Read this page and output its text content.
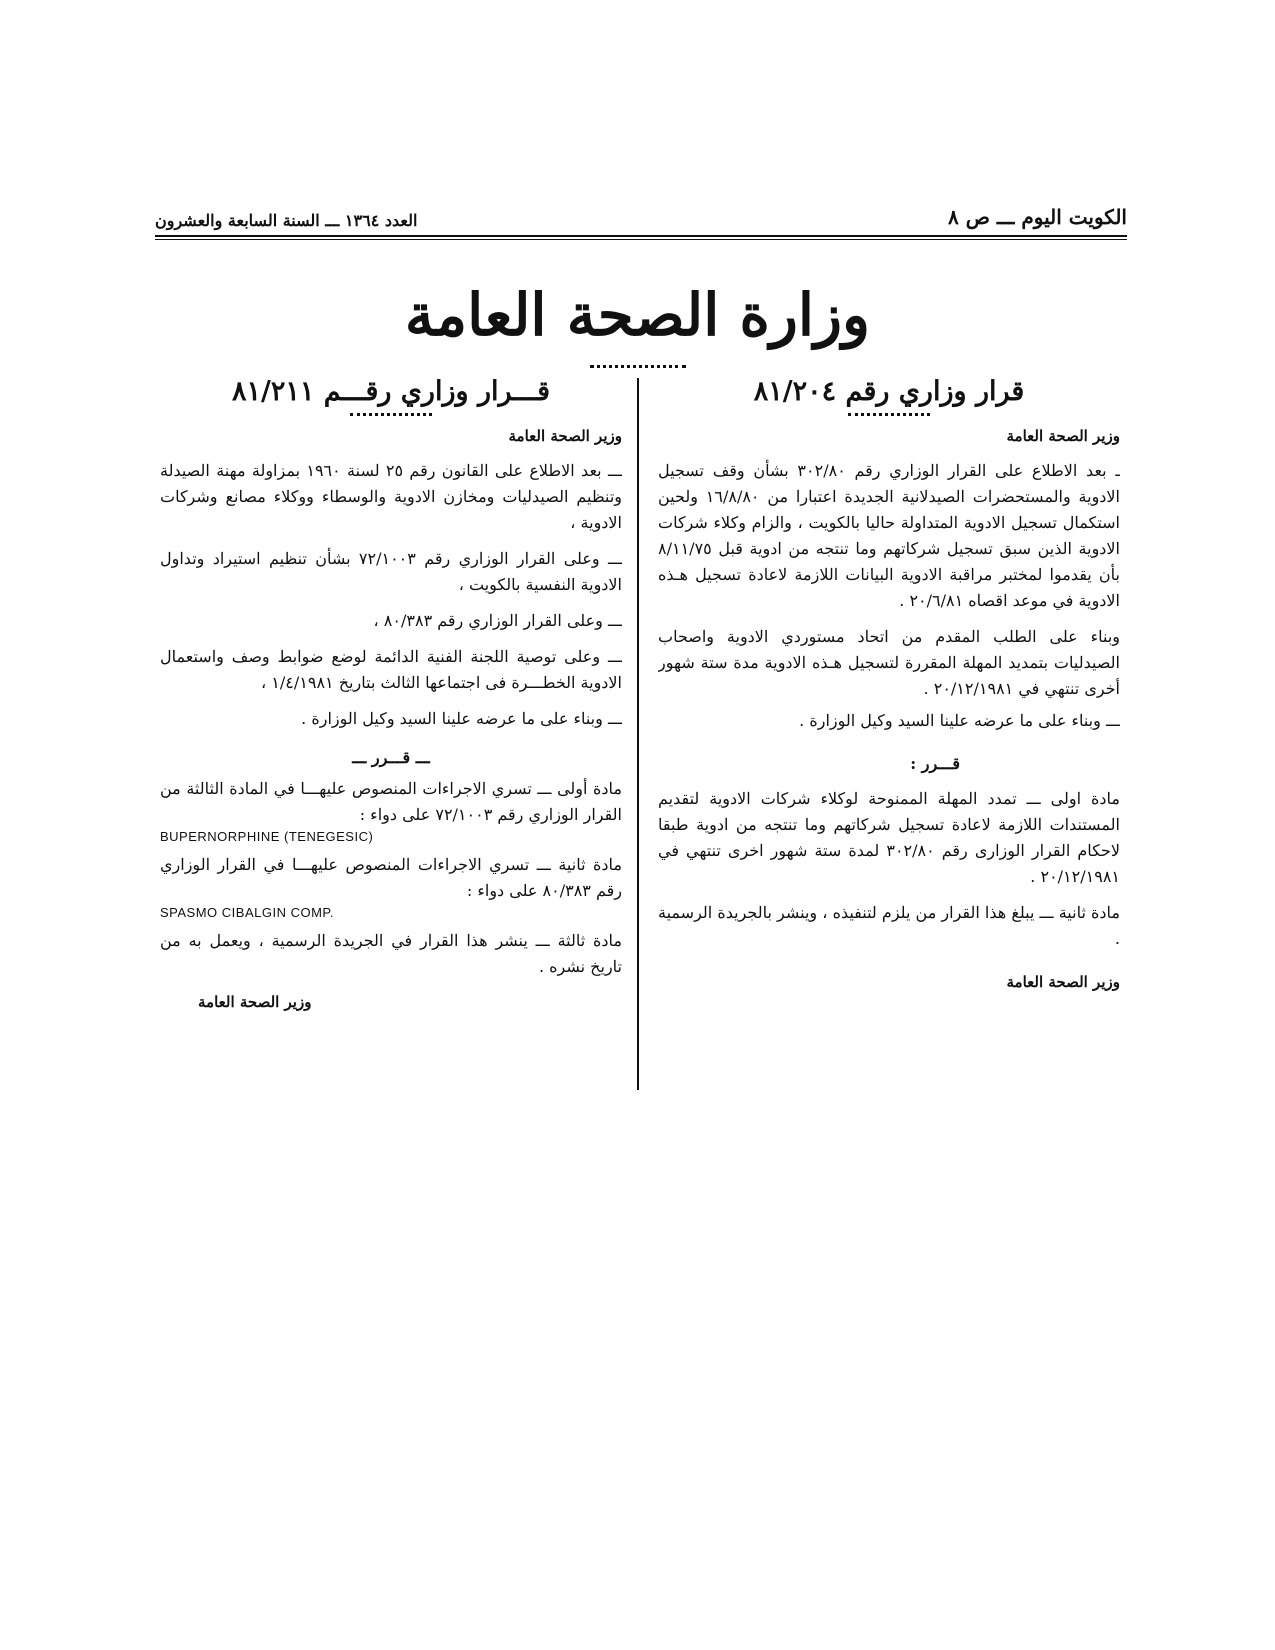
الكويت اليوم ـــ ص ٨
العدد ١٣٦٤ ـــ السنة السابعة والعشرون
وزارة الصحة العامة
قرار وزاري رقم ٨١/٢٠٤
وزير الصحة العامة
ـ بعد الاطلاع على القرار الوزاري رقم ٣٠٢/٨٠ بشأن وقف تسجيل الادوية والمستحضرات الصيدلانية الجديدة اعتبارا من ١٦/٨/٨٠ ولحين استكمال تسجيل الادوية المتداولة حاليا بالكويت ، والزام وكلاء شركات الادوية الذين سبق تسجيل شركاتهم وما تنتجه من ادوية قبل ٨/١١/٧٥ بأن يقدموا لمختبر مراقبة الادوية البيانات اللازمة لاعادة تسجيل هـذه الادوية في موعد اقصاه ٢٠/٦/٨١ .
وبناء على الطلب المقدم من اتحاد مستوردي الادوية واصحاب الصيدليات بتمديد المهلة المقررة لتسجيل هـذه الادوية مدة ستة شهور أخرى تنتهي في ٢٠/١٢/١٩٨١ .
ـــ وبناء على ما عرضه علينا السيد وكيل الوزارة .
قـــرر :
مادة اولى ـــ تمدد المهلة الممنوحة لوكلاء شركات الادوية لتقديم المستندات اللازمة لاعادة تسجيل شركاتهم وما تنتجه من ادوية طبقا لاحكام القرار الوزارى رقم ٣٠٢/٨٠ لمدة ستة شهور اخرى تنتهي في ٢٠/١٢/١٩٨١ .
مادة ثانية ـــ يبلغ هذا القرار من يلزم لتنفيذه ، وينشر بالجريدة الرسمية .
وزير الصحة العامة
قـــرار وزاري رقـــم ٨١/٢١١
وزير الصحة العامة
ـــ بعد الاطلاع على القانون رقم ٢٥ لسنة ١٩٦٠ بمزاولة مهنة الصيدلة وتنظيم الصيدليات ومخازن الادوية والوسطاء ووكلاء مصانع وشركات الادوية ،
ـــ وعلى القرار الوزاري رقم ٧٢/١٠٠٣ بشأن تنظيم استيراد وتداول الادوية النفسية بالكويت ،
ـــ وعلى القرار الوزاري رقم ٨٠/٣٨٣ ،
ـــ وعلى توصية اللجنة الفنية الدائمة لوضع ضوابط وصف واستعمال الادوية الخطـــرة فى اجتماعها الثالث بتاريخ ١/٤/١٩٨١ ،
ـــ وبناء على ما عرضه علينا السيد وكيل الوزارة .
ـــ قـــرر ـــ
مادة أولى ـــ تسري الاجراءات المنصوص عليهـــا في المادة الثالثة من القرار الوزاري رقم ٧٢/١٠٠٣ على دواء :
BUPERNORPHINE (TENEGESIC)
مادة ثانية ـــ تسري الاجراءات المنصوص عليهـــا في القرار الوزاري رقم ٨٠/٣٨٣ على دواء :
SPASMO CIBALGIN COMP.
مادة ثالثة ـــ ينشر هذا القرار في الجريدة الرسمية ، ويعمل به من تاريخ نشره .
وزير الصحة العامة
